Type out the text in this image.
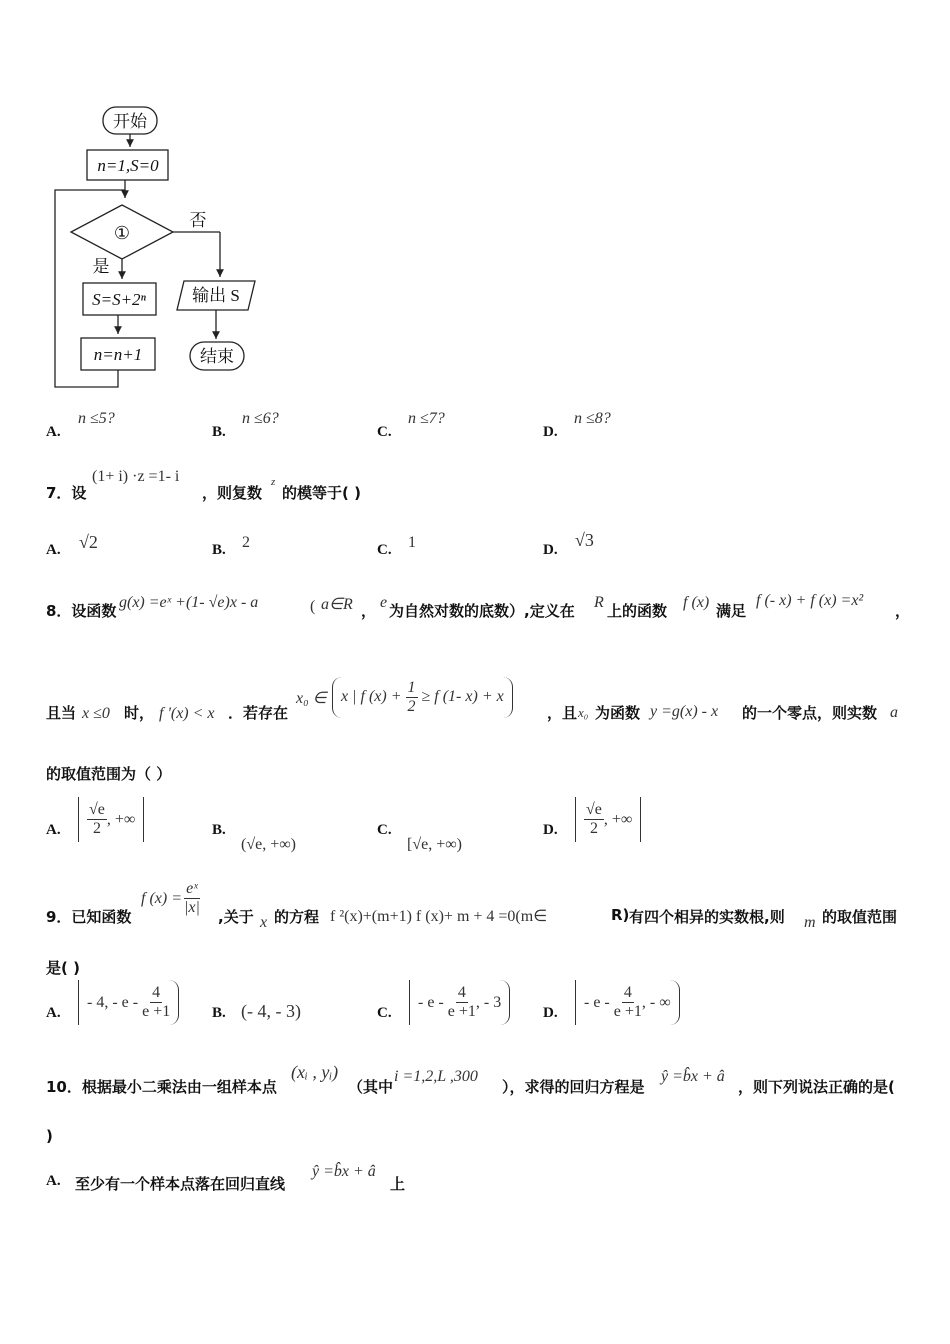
开始
n=1,S=0
①
否
是
S=S+2ⁿ
n=n+1
输出 S
结束
A.
n ≤5?
B.
n ≤6?
C.
n ≤7?
D.
n ≤8?
7．设
(1+ i) ·z =1- i
，则复数
z
的模等于( )
A. √2	B. 2	C. 1	D. √3
8．设函数 g(x) =eˣ +(1- √e)x - a	( a∈R ， e 为自然对数的底数）,定义在 R 上的函数 f (x) 满足
f (- x) + f (x) =x²
，
且当 x ≤0 时， f '(x) < x ．若存在
x₀ ∈ x | f $(x) + \frac{1}{2} \ge f$ (1- x) + x
，且 x₀ 为函数 y =g(x) - x 的一个零点，则实数 a
的取值范围为（ ）
A. $\frac{√e}{2}$ , +∞
B.
(√e, +∞)
C.
[√e, +∞)
D. $\frac{√e}{2}$ , +∞
9．已知函数
f $(x) = \frac{\text{eˣ}}{|x|}$ ,关于 x 的方程 f ²(x)+(m+1) f (x)+ m + 4 =0(m∈	R) 有四个相异的实数根,则 m 的取值范围
是( )
A.
- 4, - e -
$\frac{4}{e +1}$	B. (- 4, - 3)	C.
- e -
$\frac{4}{e +1}$ , - 3
D.
- e -
$\frac{4}{e +1}$ , - ∞
10．根据最小二乘法由一组样本点
(xᵢ , yᵢ)
（其中
i =1,2,L ,300
），求得的回归方程是
ŷ =b̂x + â
，则下列说法正确的是(
)
A. 至少有一个样本点落在回归直线
ŷ =b̂x + â
上
